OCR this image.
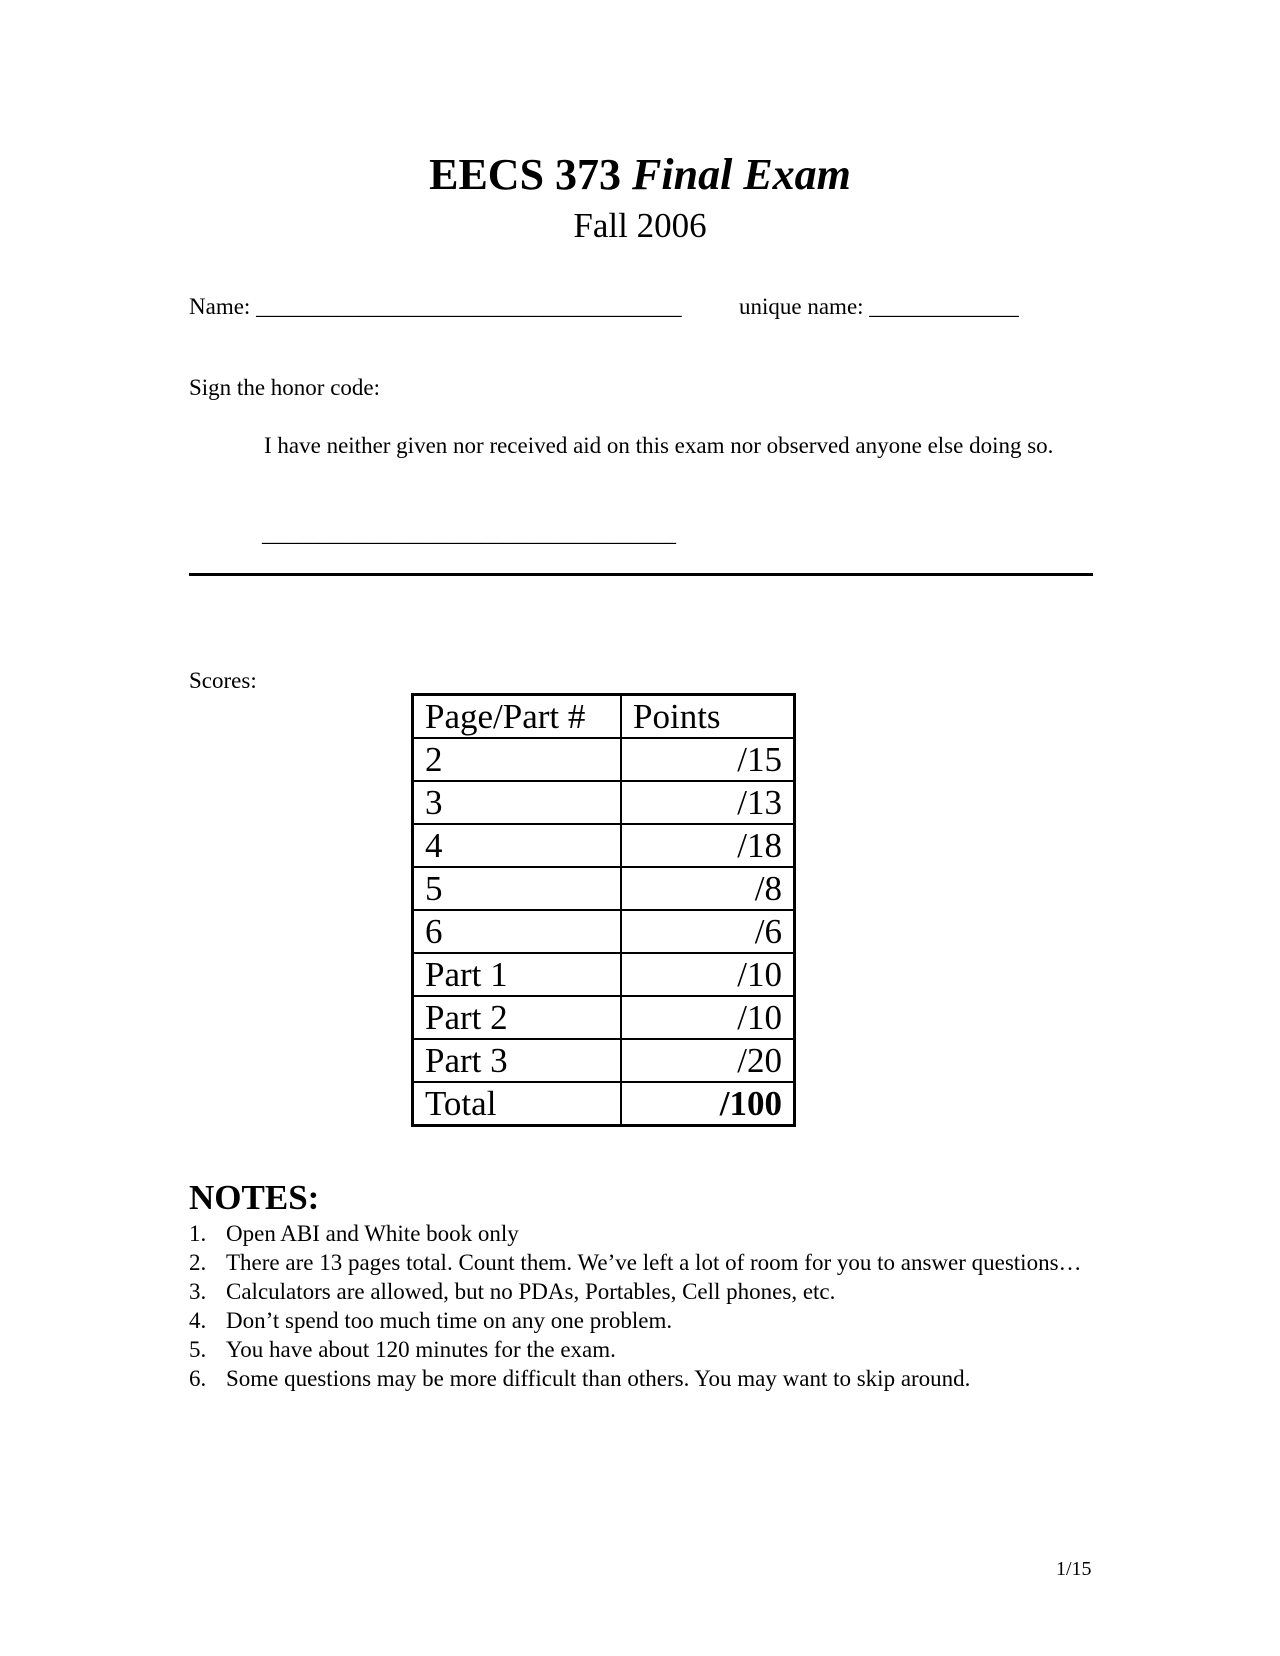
EECS 373 Final Exam
Fall 2006
Name: _____________________________________ unique name: _____________
Sign the honor code:
I have neither given nor received aid on this exam nor observed anyone else doing so.
____________________________________
Scores:
Page/Part #	Points
2	/15
3	/13
4	/18
5	/8
6	/6
Part 1	/10
Part 2	/10
Part 3	/20
Total	/100
NOTES:
1. Open ABI and White book only
2. There are 13 pages total. Count them. We’ve left a lot of room for you to answer questions…
3. Calculators are allowed, but no PDAs, Portables, Cell phones, etc.
4. Don’t spend too much time on any one problem.
5. You have about 120 minutes for the exam.
6. Some questions may be more difficult than others. You may want to skip around.
1/15
